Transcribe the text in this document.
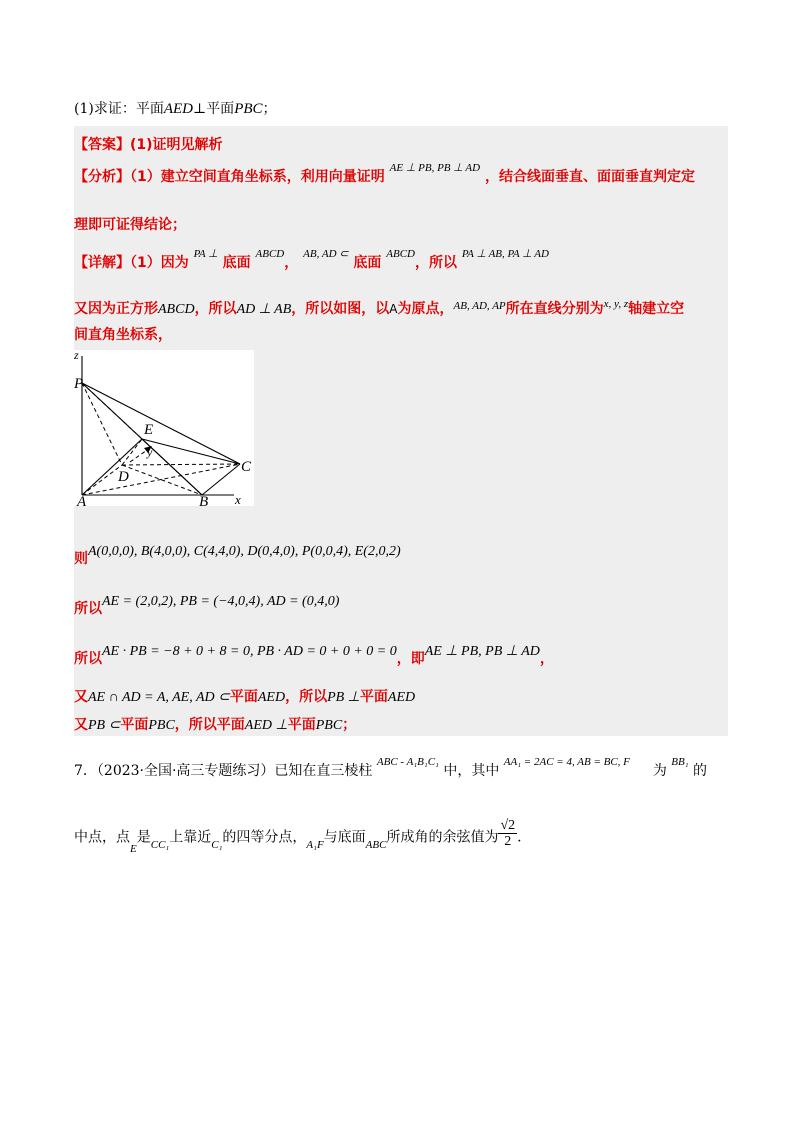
(1)求证：平面AED⊥平面PBC；
【答案】(1)证明见解析
【分析】（1）建立空间直角坐标系，利用向量证明 $^{AE \perp PB, PB \perp AD}$ ，结合线面垂直、面面垂直判定定
理即可证得结论；
【详解】（1）因为 $^{PA \perp}$ 底面 $^{ABCD}$， $^{AB, AD \subset}$ 底面 $^{ABCD}$，所以 $^{PA \perp AB, PA \perp AD}$
又因为正方形ABCD，所以AD ⊥ AB，所以如图，以A为原点，$^{AB, AD, AP}$所在直线分别为$^{x, y, z}$轴建立空
间直角坐标系，
z
P
E
y
D
C
A	B x
则A(0,0,0), B(4,0,0), C(4,4,0), D(0,4,0), P(0,0,4), E(2,0,2)
所以AE = (2,0,2), PB = (−4,0,4), AD = (0,4,0)
所以AE · PB = −8 + 0 + 8 = 0, PB · AD = 0 + 0 + 0 = 0，即AE ⊥ PB, PB ⊥ AD，
又AE ∩ AD = A, AE, AD ⊂平面AED，所以PB ⊥平面AED
又PB ⊂平面PBC，所以平面AED ⊥平面PBC；
7．（2023·全国·高三专题练习）已知在直三棱柱 $^{ABC - A_1B_1C_1}$ 中，其中 $^{AA_1 = 2AC = 4, AB = BC, F}$  为 $^{BB_1}$ 的
中点，点$_E$是$_{CC_1}$上靠近$_{C_1}$的四等分点，$_{A_1F}$与底面$_{ABC}$所成角的余弦值为 $\frac{√2}{2}$ .
